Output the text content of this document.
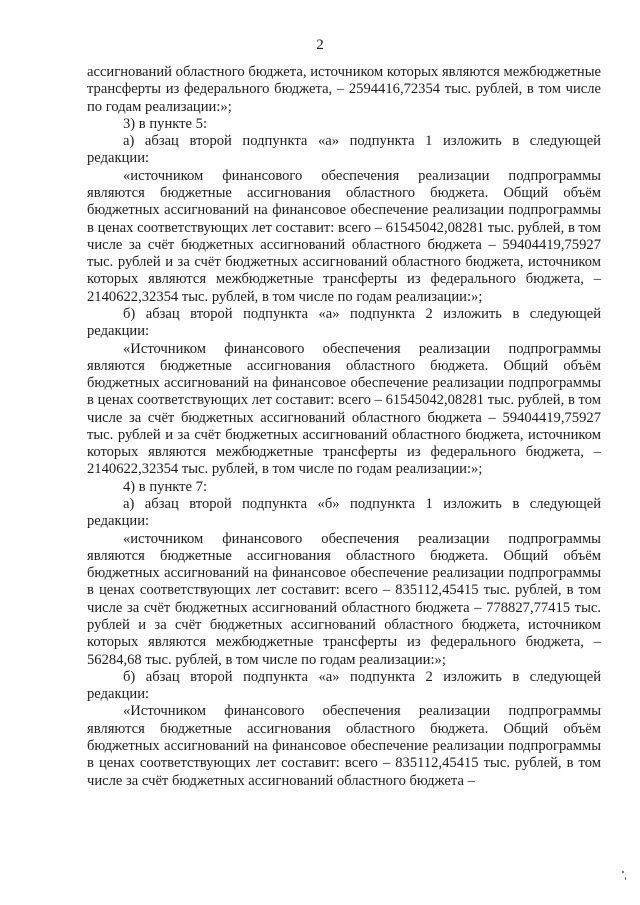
2

ассигнований областного бюджета, источником которых являются межбюджетные трансферты из федерального бюджета, – 2594416,72354 тыс. рублей, в том числе по годам реализации:»;

3) в пункте 5:

а) абзац второй подпункта «а» подпункта 1 изложить в следующей редакции:

«источником финансового обеспечения реализации подпрограммы являются бюджетные ассигнования областного бюджета. Общий объём бюджетных ассигнований на финансовое обеспечение реализации подпрограммы в ценах соответствующих лет составит: всего – 61545042,08281 тыс. рублей, в том числе за счёт бюджетных ассигнований областного бюджета – 59404419,75927 тыс. рублей и за счёт бюджетных ассигнований областного бюджета, источником которых являются межбюджетные трансферты из федерального бюджета, – 2140622,32354 тыс. рублей, в том числе по годам реализации:»;

б) абзац второй подпункта «а» подпункта 2 изложить в следующей редакции:

«Источником финансового обеспечения реализации подпрограммы являются бюджетные ассигнования областного бюджета. Общий объём бюджетных ассигнований на финансовое обеспечение реализации подпрограммы в ценах соответствующих лет составит: всего – 61545042,08281 тыс. рублей, в том числе за счёт бюджетных ассигнований областного бюджета – 59404419,75927 тыс. рублей и за счёт бюджетных ассигнований областного бюджета, источником которых являются межбюджетные трансферты из федерального бюджета, – 2140622,32354 тыс. рублей, в том числе по годам реализации:»;

4) в пункте 7:

а) абзац второй подпункта «б» подпункта 1 изложить в следующей редакции:

«источником финансового обеспечения реализации подпрограммы являются бюджетные ассигнования областного бюджета. Общий объём бюджетных ассигнований на финансовое обеспечение реализации подпрограммы в ценах соответствующих лет составит: всего – 835112,45415 тыс. рублей, в том числе за счёт бюджетных ассигнований областного бюджета – 778827,77415 тыс. рублей и за счёт бюджетных ассигнований областного бюджета, источником которых являются межбюджетные трансферты из федерального бюджета, – 56284,68 тыс. рублей, в том числе по годам реализации:»;

б) абзац второй подпункта «а» подпункта 2 изложить в следующей редакции:

«Источником финансового обеспечения реализации подпрограммы являются бюджетные ассигнования областного бюджета. Общий объём бюджетных ассигнований на финансовое обеспечение реализации подпрограммы в ценах соответствующих лет составит: всего – 835112,45415 тыс. рублей, в том числе за счёт бюджетных ассигнований областного бюджета –
